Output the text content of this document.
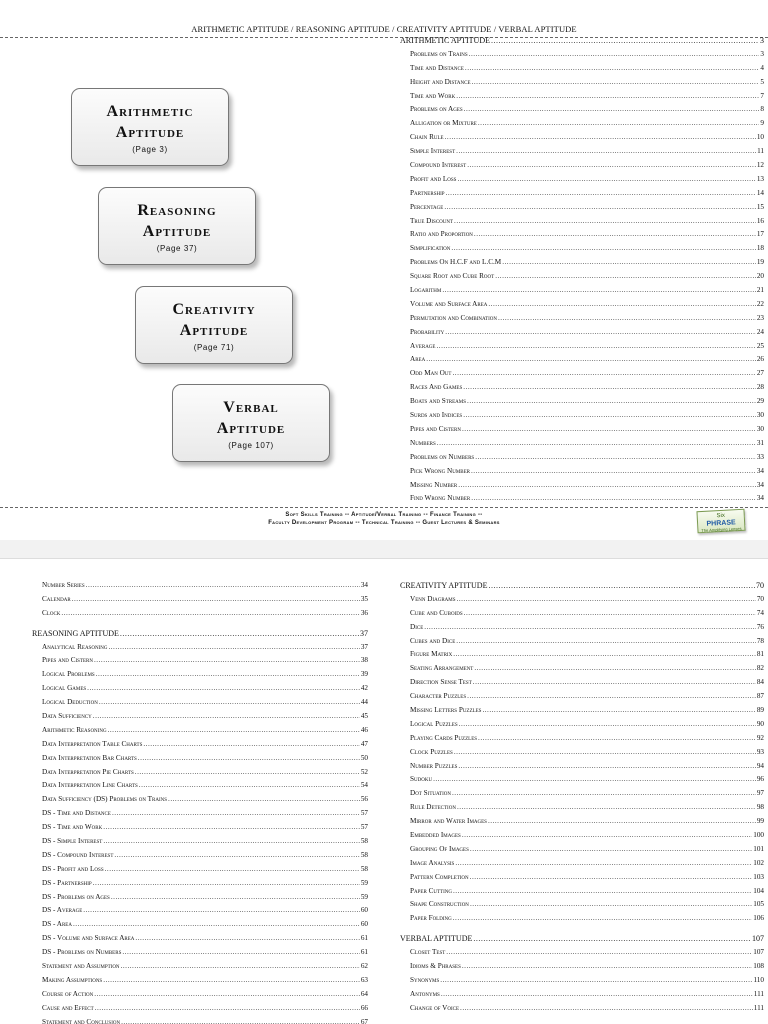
ARITHMETIC APTITUDE / REASONING APTITUDE / CREATIVITY APTITUDE / VERBAL APTITUDE
Arithmetic
Aptitude
(Page 3)
Reasoning
Aptitude
(Page 37)
Creativity
Aptitude
(Page 71)
Verbal
Aptitude
(Page 107)
ARITHMETIC APTITUDE .....	3
Problems on Trains .....	3
Time and Distance .....	4
Height and Distance .....	5
Time and Work .....	7
Problems on Ages .....	8
Alligation or Mixture .....	9
Chain Rule .....	10
Simple Interest .....	11
Compound Interest .....	12
Profit and Loss .....	13
Partnership .....	14
Percentage .....	15
True Discount .....	16
Ratio and Proportion .....	17
Simplification .....	18
Problems On H.C.F and L.C.M .....	19
Square Root and Cube Root .....	20
Logarithm .....	21
Volume and Surface Area .....	22
Permutation and Combination .....	23
Probability .....	24
Average .....	25
Area .....	26
Odd Man Out .....	27
Races And Games .....	28
Boats and Streams .....	29
Surds and Indices .....	30
Pipes and Cistern .....	30
Numbers .....	31
Problems on Numbers .....	33
Pick Wrong Number .....	34
Missing Number .....	34
Find Wrong Number .....	34
Soft Skills Training -- Aptitude/Verbal Training -- Finance Training --
Faculty Development Program -- Technical Training -- Guest Lectures & Seminars
Six
PHRASE
The Amplifying Lenses
Number Series .....	34
Calendar .....	35
Clock .....	36
REASONING APTITUDE .....	37
Analytical Reasoning .....	37
Pipes and Cistern .....	38
Logical Problems .....	39
Logical Games .....	42
Logical Deduction .....	44
Data Sufficiency .....	45
Arithmetic Reasoning .....	46
Data Interpretation Table Charts .....	47
Data Interpretation Bar Charts .....	50
Data Interpretation Pie Charts .....	52
Data Interpretation Line Charts .....	54
Data Sufficiency (DS) Problems on Trains .....	56
DS - Time and Distance .....	57
DS - Time and Work .....	57
DS - Simple Interest .....	58
DS - Compound Interest .....	58
DS - Profit and Loss .....	58
DS - Partnership .....	59
DS - Problems on Ages .....	59
DS - Average .....	60
DS - Area .....	60
DS - Volume and Surface Area .....	61
DS - Problems on Numbers .....	61
Statement and Assumption .....	62
Making Assumptions .....	63
Course of Action .....	64
Cause and Effect .....	66
Statement and Conclusion .....	67
CREATIVITY APTITUDE .....	70
Venn Diagrams .....	70
Cube and Cuboids .....	74
Dice .....	76
Cubes and Dice .....	78
Figure Matrix .....	81
Seating Arrangement .....	82
Direction Sense Test .....	84
Character Puzzles .....	87
Missing Letters Puzzles .....	89
Logical Puzzles .....	90
Playing Cards Puzzles .....	92
Clock Puzzles .....	93
Number Puzzles .....	94
Sudoku .....	96
Dot Situation .....	97
Rule Detection .....	98
Mirror and Water Images .....	99
Embedded Images .....	100
Grouping Of Images .....	101
Image Analysis .....	102
Pattern Completion .....	103
Paper Cutting .....	104
Shape Construction .....	105
Paper Folding .....	106
VERBAL APTITUDE .....	107
Closet Test .....	107
Idioms & Phrases .....	108
Synonyms .....	110
Antonyms .....	111
Change of Voice .....	111
